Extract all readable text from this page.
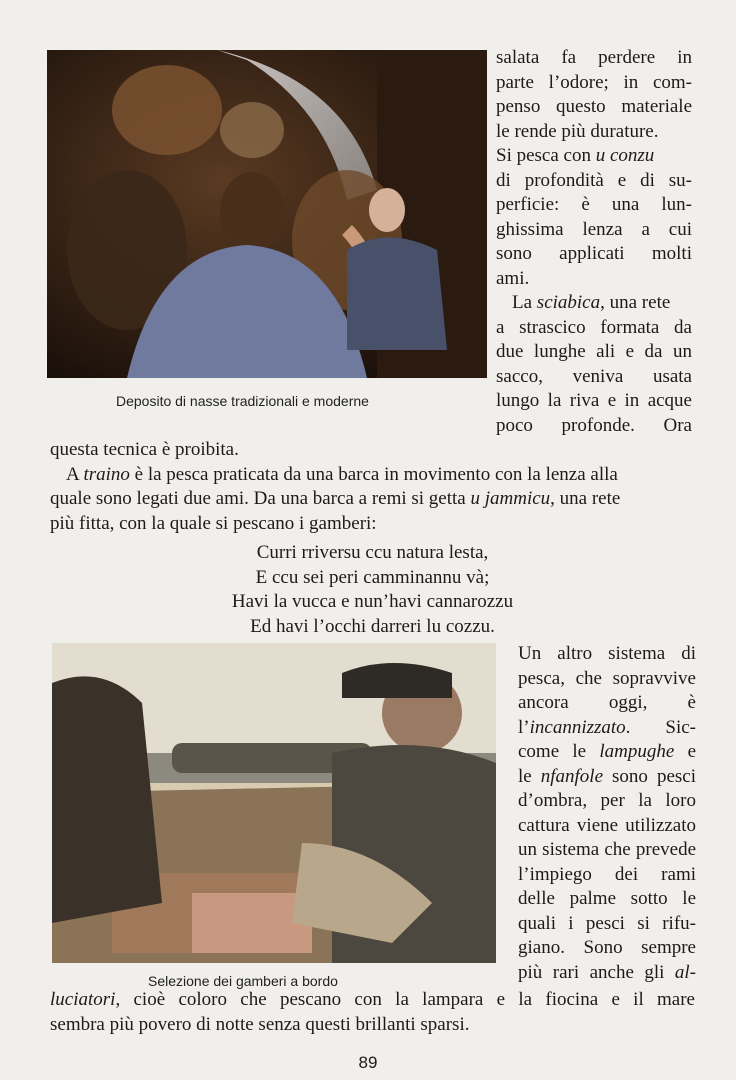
Deposito di nasse tradizionali e moderne
salata fa perdere in
parte l’odore; in com-
penso questo materiale
le rende più durature.
Si pesca con u conzu
di profondità e di su-
perficie: è una lun-
ghissima lenza a cui
sono applicati molti
ami.
La sciabica, una rete
a strascico formata da
due lunghe ali e da un
sacco, veniva usata
lungo la riva e in acque
poco profonde. Ora
questa tecnica è proibita.
A traino è la pesca praticata da una barca in movimento con la lenza alla
quale sono legati due ami. Da una barca a remi si getta u jammicu, una rete
più fitta, con la quale si pescano i gamberi:
Curri rriversu ccu natura lesta,
E ccu sei peri camminannu và;
Havi la vucca e nun’havi cannarozzu
Ed havi l’occhi darreri lu cozzu.
Selezione dei gamberi a bordo
Un altro sistema di
pesca, che sopravvive
ancora oggi, è
l’incannizzato. Sic-
come le lampughe e
le nfanfole sono pesci
d’ombra, per la loro
cattura viene utilizzato
un sistema che prevede
l’impiego dei rami
delle palme sotto le
quali i pesci si rifu-
giano. Sono sempre
più rari anche gli al-
luciatori, cioè coloro che pescano con la lampara e la fiocina e il mare
sembra più povero di notte senza questi brillanti sparsi.
89
